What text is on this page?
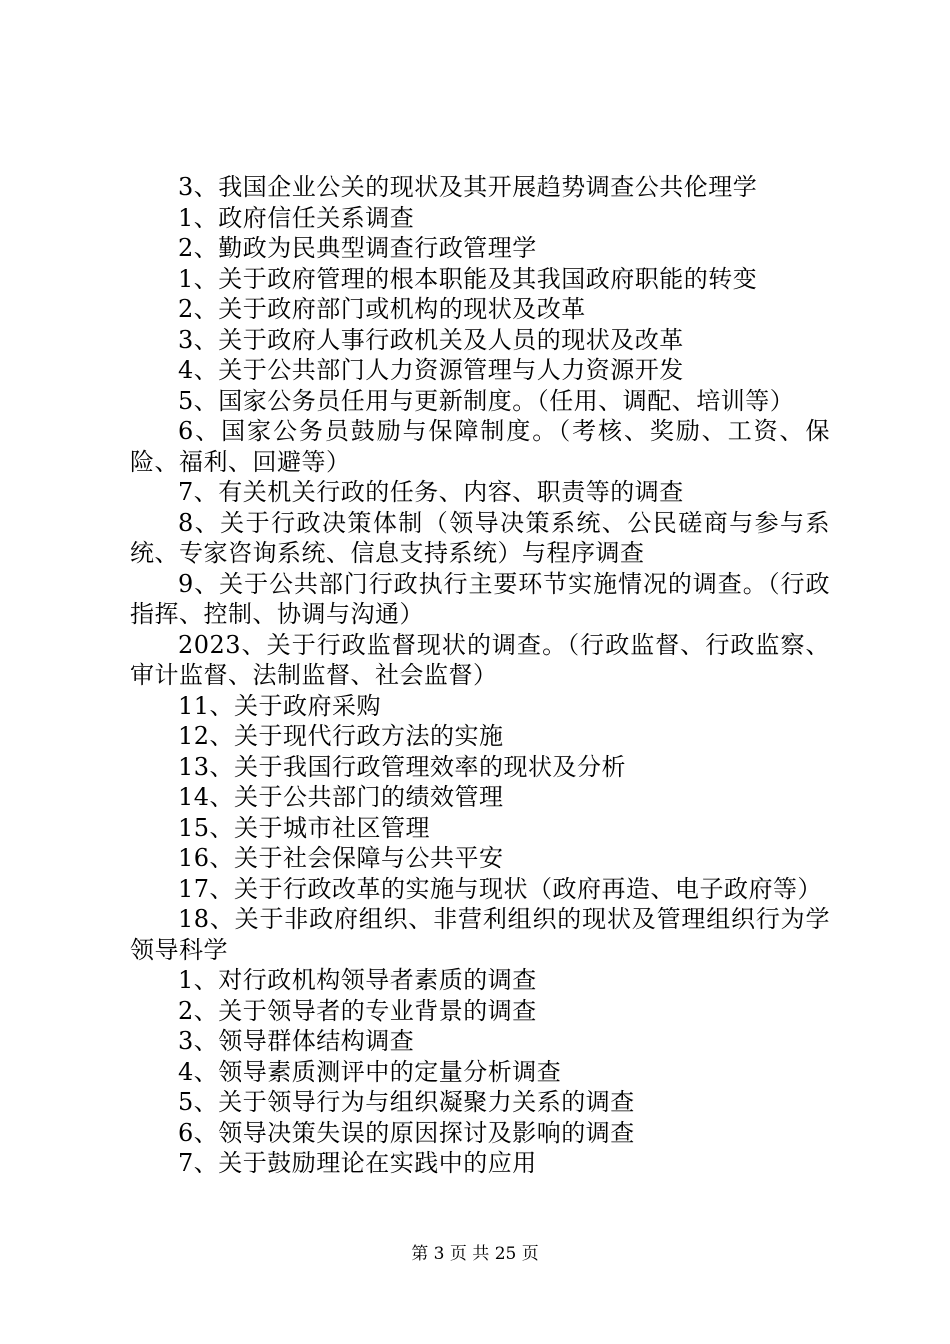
3、我国企业公关的现状及其开展趋势调查公共伦理学

1、政府信任关系调查

2、勤政为民典型调查行政管理学

1、关于政府管理的根本职能及其我国政府职能的转变

2、关于政府部门或机构的现状及改革

3、关于政府人事行政机关及人员的现状及改革

4、关于公共部门人力资源管理与人力资源开发

5、国家公务员任用与更新制度。（任用、调配、培训等）

6、国家公务员鼓励与保障制度。（考核、奖励、工资、保险、福利、回避等）

7、有关机关行政的任务、内容、职责等的调查

8、关于行政决策体制（领导决策系统、公民磋商与参与系统、专家咨询系统、信息支持系统）与程序调查

9、关于公共部门行政执行主要环节实施情况的调查。（行政指挥、控制、协调与沟通）

2023、关于行政监督现状的调查。（行政监督、行政监察、审计监督、法制监督、社会监督）

11、关于政府采购

12、关于现代行政方法的实施

13、关于我国行政管理效率的现状及分析

14、关于公共部门的绩效管理

15、关于城市社区管理

16、关于社会保障与公共平安

17、关于行政改革的实施与现状（政府再造、电子政府等）

18、关于非政府组织、非营利组织的现状及管理组织行为学领导科学

1、对行政机构领导者素质的调查

2、关于领导者的专业背景的调查

3、领导群体结构调查

4、领导素质测评中的定量分析调查

5、关于领导行为与组织凝聚力关系的调查

6、领导决策失误的原因探讨及影响的调查

7、关于鼓励理论在实践中的应用

第 3 页 共 25 页
